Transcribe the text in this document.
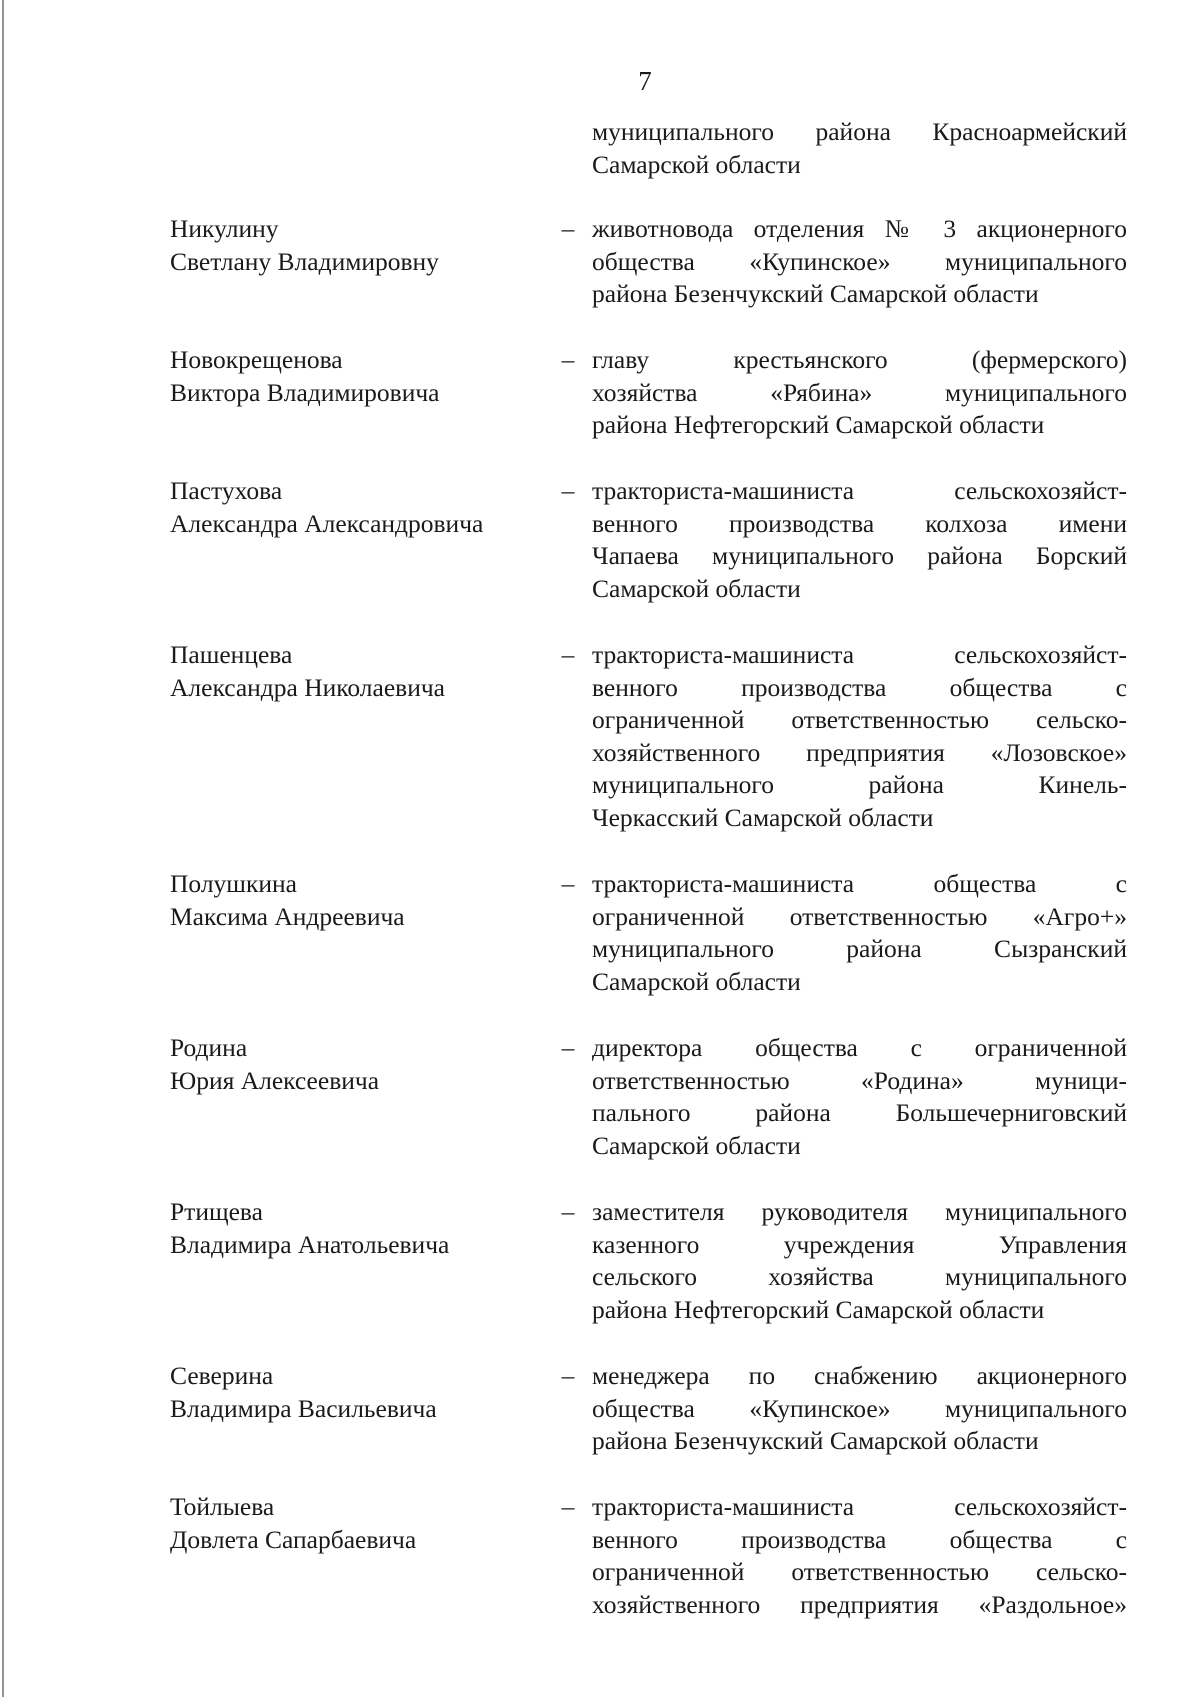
7
муниципального района Красноармейский
Самарской области
Никулину
Светлану Владимировну
– животновода отделения № 3 акционерного
общества «Купинское» муниципального
района Безенчукский Самарской области
Новокрещенова
Виктора Владимировича
– главу крестьянского (фермерского)
хозяйства «Рябина» муниципального
района Нефтегорский Самарской области
Пастухова
Александра Александровича
– тракториста-машиниста сельскохозяйст-
венного производства колхоза имени
Чапаева муниципального района Борский
Самарской области
Пашенцева
Александра Николаевича
– тракториста-машиниста сельскохозяйст-
венного производства общества с
ограниченной ответственностью сельско-
хозяйственного предприятия «Лозовское»
муниципального района Кинель-
Черкасский Самарской области
Полушкина
Максима Андреевича
– тракториста-машиниста общества с
ограниченной ответственностью «Агро+»
муниципального района Сызранский
Самарской области
Родина
Юрия Алексеевича
– директора общества с ограниченной
ответственностью «Родина» муници-
пального района Большечерниговский
Самарской области
Ртищева
Владимира Анатольевича
– заместителя руководителя муниципального
казенного учреждения Управления
сельского хозяйства муниципального
района Нефтегорский Самарской области
Северина
Владимира Васильевича
– менеджера по снабжению акционерного
общества «Купинское» муниципального
района Безенчукский Самарской области
Тойлыева
Довлета Сапарбаевича
– тракториста-машиниста сельскохозяйст-
венного производства общества с
ограниченной ответственностью сельско-
хозяйственного предприятия «Раздольное»
